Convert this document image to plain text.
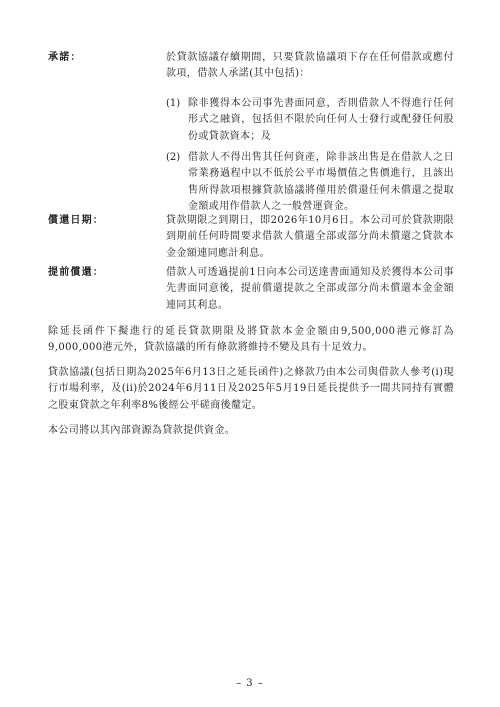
承諾：	於貸款協議存續期間，只要貸款協議項下存在任何借款或應付款項，借款人承諾(其中包括)：

(1) 除非獲得本公司事先書面同意，否則借款人不得進行任何形式之融資，包括但不限於向任何人士發行或配發任何股份或貸款資本；及

(2) 借款人不得出售其任何資產，除非該出售是在借款人之日常業務過程中以不低於公平市場價值之售價進行，且該出售所得款項根據貸款協議將僅用於償還任何未償還之提取金額或用作借款人之一般營運資金。

償還日期：	貸款期限之到期日，即2026年10月6日。本公司可於貸款期限到期前任何時間要求借款人償還全部或部分尚未償還之貸款本金金額連同應計利息。

提前償還：	借款人可透過提前1日向本公司送達書面通知及於獲得本公司事先書面同意後，提前償還提款之全部或部分尚未償還本金金額連同其利息。

除延長函件下擬進行的延長貸款期限及將貸款本金金額由9,500,000港元修訂為9,000,000港元外，貸款協議的所有條款將維持不變及具有十足效力。

貸款協議(包括日期為2025年6月13日之延長函件)之條款乃由本公司與借款人參考(i)現行市場利率，及(ii)於2024年6月11日及2025年5月19日延長提供予一間共同持有實體之股東貸款之年利率8%後經公平磋商後釐定。

本公司將以其內部資源為貸款提供資金。

– 3 –
